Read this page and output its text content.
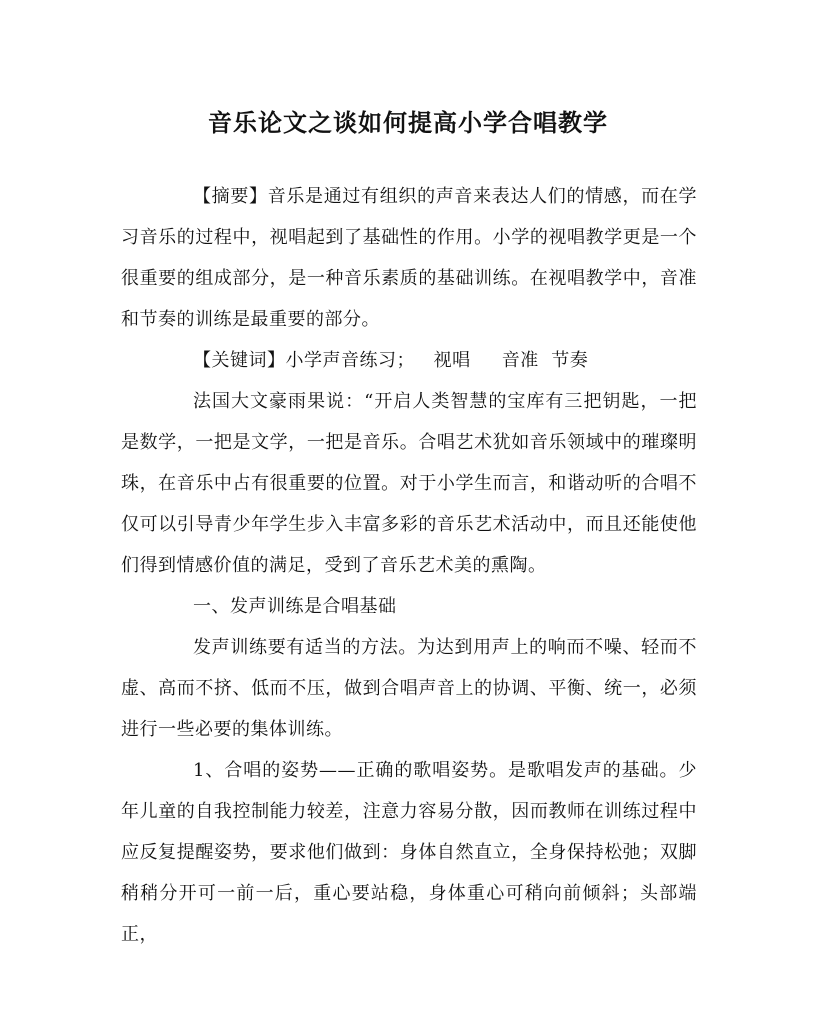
音乐论文之谈如何提高小学合唱教学

【摘要】音乐是通过有组织的声音来表达人们的情感，而在学习音乐的过程中，视唱起到了基础性的作用。小学的视唱教学更是一个很重要的组成部分，是一种音乐素质的基础训练。在视唱教学中，音准和节奏的训练是最重要的部分。

【关键词】小学声音练习；   视唱     音准  节奏

法国大文豪雨果说：“开启人类智慧的宝库有三把钥匙，一把是数学，一把是文学，一把是音乐。合唱艺术犹如音乐领域中的璀璨明珠，在音乐中占有很重要的位置。对于小学生而言，和谐动听的合唱不仅可以引导青少年学生步入丰富多彩的音乐艺术活动中，而且还能使他们得到情感价值的满足，受到了音乐艺术美的熏陶。

一、发声训练是合唱基础

发声训练要有适当的方法。为达到用声上的响而不噪、轻而不虚、高而不挤、低而不压，做到合唱声音上的协调、平衡、统一，必须进行一些必要的集体训练。

1、合唱的姿势——正确的歌唱姿势。是歌唱发声的基础。少年儿童的自我控制能力较差，注意力容易分散，因而教师在训练过程中应反复提醒姿势，要求他们做到：身体自然直立，全身保持松弛；双脚稍稍分开可一前一后，重心要站稳，身体重心可稍向前倾斜；头部端正，
